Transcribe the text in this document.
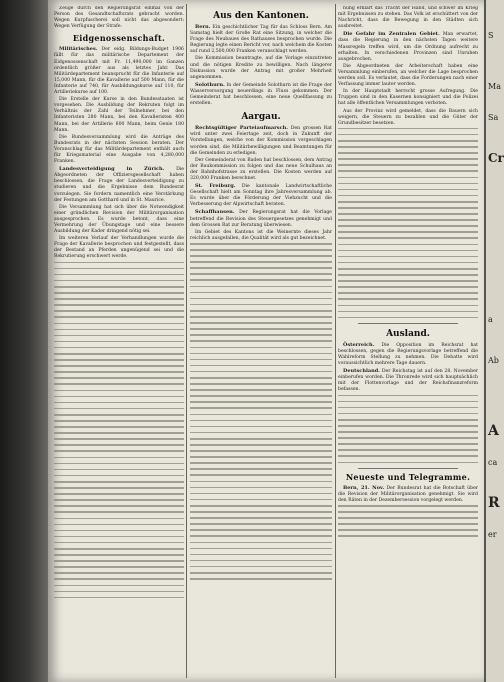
Zeuge durch den Regierungsrat einmal von der Person des Gesandtschaftsrats gebracht worden. Wegen Kurpfuscherei soll nicht das abgesondert: Wegen Verfügung der Strafe.

Eidgenossenschaft.

Militärisches. Der eidg. Bildungs-Budget 1906 fällt für das militärische Departement der Eidgenossenschaft mit Fr. 11,490,000 im Ganzen ordentlich größer aus als letztes Jahr. Das Militärdepartement beansprucht für die Infanterie auf 15,000 Mann, für die Kavallerie auf 500 Mann, für die Infanterie auf 740, für Ausbildungskurse auf 110, für Artilleriekurse auf 100.

Die Erstelle der Kurse in den Bundesstaaten ist vorgesehen. Die Ausbildung der Rekruten folgt im Verhältnis der Zahl der Teilnehmer, bei den Infanteristen 280 Mann, bei den Kavalleristen 400 Mann, bei der Artillerie 600 Mann, beim Genie 180 Mann.

Die Bundesversammlung wird die Anträge des Bundesrats in der nächsten Session beraten. Der Voranschlag für das Militärdepartement enthält auch für Kriegsmaterial eine Ausgabe von 4,280,000 Franken.

Landesverteidigung in Zürich.	Die Abgeordneten der Offiziersgesellschaft haben beschlossen, die Frage der Landesverteidigung zu studieren und die Ergebnisse dem Bundesrat vorzulegen. Sie fordern namentlich eine Verstärkung der Festungen am Gotthard und in St. Maurice.

Die Versammlung hat sich über die Notwendigkeit einer gründlichen Revision der Militärorganisation ausgesprochen. Es wurde betont, dass eine Vermehrung der Übungstage und eine bessere Ausbildung der Kader dringend nötig sei.

Im weiteren Verlauf der Verhandlungen wurde die Frage der Kavallerie besprochen und festgestellt, dass der Bestand an Pferden ungenügend sei und die Rekrutierung erschwert werde.

Aus den Kantonen.

Bern. Ein geschichtlicher Tag für das Schloss Bern. Am Samstag hielt der Große Rat eine Sitzung, in welcher die Frage des Neubaues des Rathauses besprochen wurde. Die Regierung legte einen Bericht vor, nach welchem die Kosten auf rund 2,500,000 Franken veranschlagt werden.

Die Kommission beantragte, auf die Vorlage einzutreten und die nötigen Kredite zu bewilligen. Nach längerer Diskussion wurde der Antrag mit großer Mehrheit angenommen.

Solothurn. In der Gemeinde Solothurn ist die Frage der Wasserversorgung neuerdings in Fluss gekommen. Der Gemeinderat hat beschlossen, eine neue Quellfassung zu erstellen.

Aargau.

Rechtsgültiger Parteiaufmarsch. Den grossen Rat wird unter zwei Feiertage zeit, doch in Zukunft der Vorstellungen, welche von der Kommission vorgeschlagen worden sind, die Militärbewilligungen und Beamtungen für die Gemeinden zu erledigen.

Der Gemeinderat von Baden hat beschlossen, dem Antrag der Baukommission zu folgen und das neue Schulhaus an der Bahnhofstrasse zu erstellen. Die Kosten werden auf 320,000 Franken berechnet.

St. Freiburg. Die kantonale Landwirtschaftliche Gesellschaft hielt am Sonntag ihre Jahresversammlung ab. Es wurde über die Förderung der Viehzucht und die Verbesserung der Alpwirtschaft beraten.

Schaffhausen. Der Regierungsrat hat die Vorlage betreffend die Revision des Steuergesetzes genehmigt und dem Grossen Rat zur Beratung überwiesen.

Im Gebiet des Kantons ist die Weinernte dieses Jahr reichlich ausgefallen, die Qualität wird als gut bezeichnet.

hung erklärt das Tracht der Hand, und schwer im Krieg mit Ergebnissen zu stehen. Das Volk ist erschüttert von der Nachricht, dass die Bewegung in den Städten sich ausbreitet.

Die Gefahr im Zentralen Gebiet. Man erwartet, dass die Regierung in den nächsten Tagen weitere Massregeln treffen wird, um die Ordnung aufrecht zu erhalten. In verschiedenen Provinzen sind Unruhen ausgebrochen.

Die Abgeordneten der Arbeiterschaft haben eine Versammlung einberufen, an welcher die Lage besprochen werden soll. Es verlautet, dass die Forderungen nach einer Verfassung immer lauter werden.

In der Hauptstadt herrscht grosse Aufregung. Die Truppen sind in den Kasernen konsigniert und die Polizei hat alle öffentlichen Versammlungen verboten.

Aus der Provinz wird gemeldet, dass die Bauern sich weigern, die Steuern zu bezahlen und die Güter der Grundbesitzer besetzen.

Ausland.

Österreich. Die Opposition im Reichsrat hat beschlossen, gegen die Regierungsvorlage betreffend die Wahlreform Stellung zu nehmen. Die Debatte wird voraussichtlich mehrere Tage dauern.

Deutschland. Der Reichstag ist auf den 28. November einberufen worden. Die Thronrede wird sich hauptsächlich mit der Flottenvorlage und der Reichsfinanzreform befassen.

Neueste und Telegramme.

Bern, 21. Nov. Der Bundesrat hat die Botschaft über die Revision der Militärorganisation genehmigt. Sie wird den Räten in der Dezembersession vorgelegt werden.

S
Ma
Sa
Cr
a
Ab
A
ca
R
er
